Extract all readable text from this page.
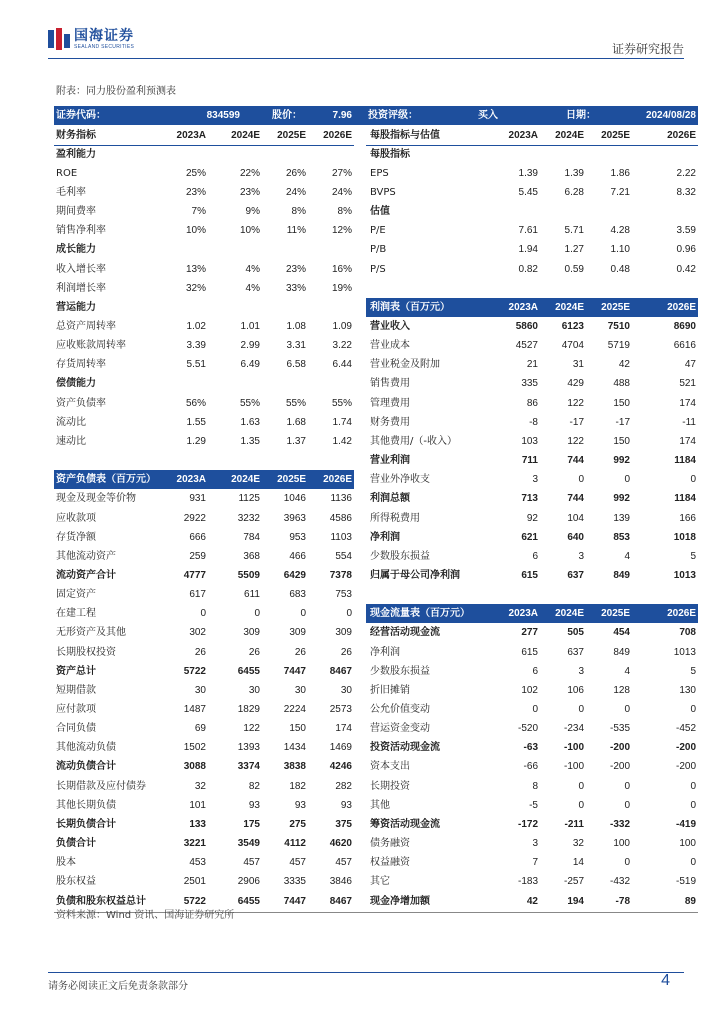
国海证券
SEALAND SECURITIES	证券研究报告
附表：同力股份盈利预测表
证券代码：	834599	股价：	7.96 投资评级：	买入	日期：	2024/08/28
财务指标	2023A	2024E	2025E	2026E
盈利能力
ROE	25%	22%	26%	27%
毛利率	23%	23%	24%	24%
期间费率	7%	9%	8%	8%
销售净利率	10%	10%	11%	12%
成长能力
收入增长率	13%	4%	23%	16%
利润增长率	32%	4%	33%	19%
营运能力
总资产周转率	1.02	1.01	1.08	1.09
应收账款周转率	3.39	2.99	3.31	3.22
存货周转率	5.51	6.49	6.58	6.44
偿债能力
资产负债率	56%	55%	55%	55%
流动比	1.55	1.63	1.68	1.74
速动比	1.29	1.35	1.37	1.42
资产负债表（百万元）	2023A	2024E	2025E	2026E
现金及现金等价物	931	1125	1046	1136
应收款项	2922	3232	3963	4586
存货净额	666	784	953	1103
其他流动资产	259	368	466	554
流动资产合计	4777	5509	6429	7378
固定资产	617	611	683	753
在建工程	0	0	0	0
无形资产及其他	302	309	309	309
长期股权投资	26	26	26	26
资产总计	5722	6455	7447	8467
短期借款	30	30	30	30
应付款项	1487	1829	2224	2573
合同负债	69	122	150	174
其他流动负债	1502	1393	1434	1469
流动负债合计	3088	3374	3838	4246
长期借款及应付债券	32	82	182	282
其他长期负债	101	93	93	93
长期负债合计	133	175	275	375
负债合计	3221	3549	4112	4620
股本	453	457	457	457
股东权益	2501	2906	3335	3846
负债和股东权益总计	5722	6455	7447	8467
每股指标与估值	2023A	2024E	2025E	2026E
每股指标
EPS	1.39	1.39	1.86	2.22
BVPS	5.45	6.28	7.21	8.32
估值
P/E	7.61	5.71	4.28	3.59
P/B	1.94	1.27	1.10	0.96
P/S	0.82	0.59	0.48	0.42
利润表（百万元）	2023A	2024E	2025E	2026E
营业收入	5860	6123	7510	8690
营业成本	4527	4704	5719	6616
营业税金及附加	21	31	42	47
销售费用	335	429	488	521
管理费用	86	122	150	174
财务费用	-8	-17	-17	-11
其他费用/（-收入）	103	122	150	174
营业利润	711	744	992	1184
营业外净收支	3	0	0	0
利润总额	713	744	992	1184
所得税费用	92	104	139	166
净利润	621	640	853	1018
少数股东损益	6	3	4	5
归属于母公司净利润	615	637	849	1013
现金流量表（百万元）	2023A	2024E	2025E	2026E
经营活动现金流	277	505	454	708
净利润	615	637	849	1013
少数股东损益	6	3	4	5
折旧摊销	102	106	128	130
公允价值变动	0	0	0	0
营运资金变动	-520	-234	-535	-452
投资活动现金流	-63	-100	-200	-200
资本支出	-66	-100	-200	-200
长期投资	8	0	0	0
其他	-5	0	0	0
筹资活动现金流	-172	-211	-332	-419
债务融资	3	32	100	100
权益融资	7	14	0	0
其它	-183	-257	-432	-519
现金净增加额	42	194	-78	89
资料来源：Wind 资讯、国海证券研究所
请务必阅读正文后免责条款部分	4
